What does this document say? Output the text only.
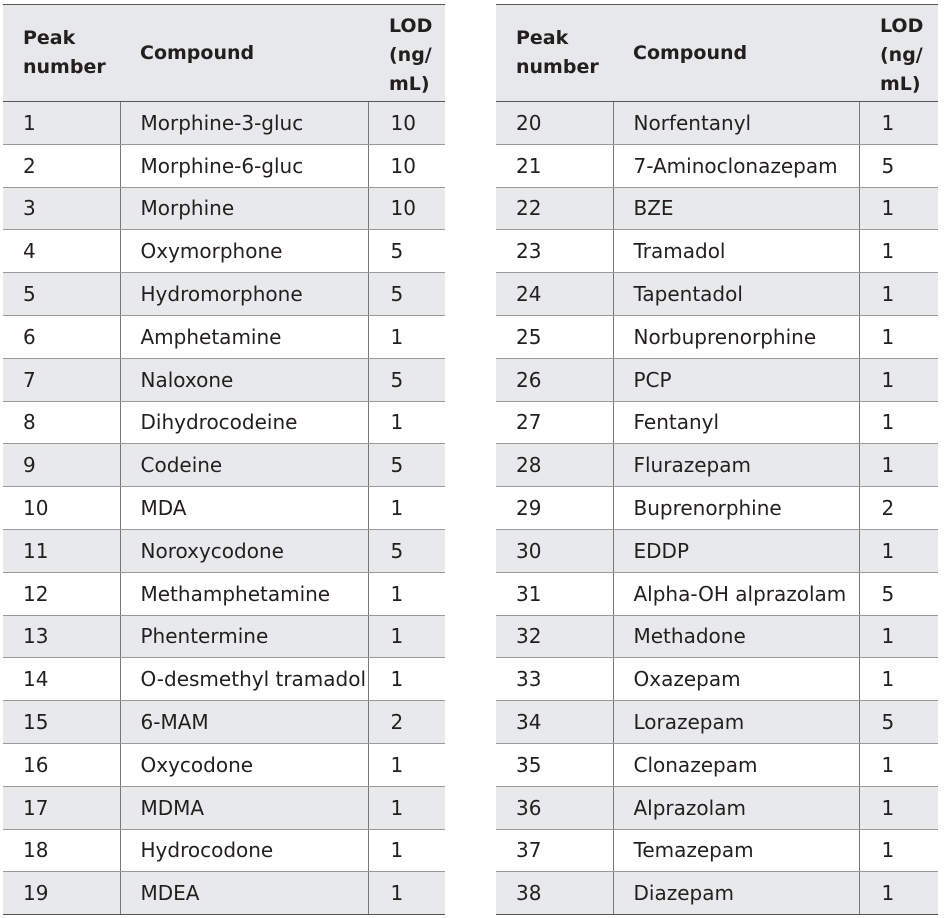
Peak number	Compound	LOD (ng/ mL)
1	Morphine-3-gluc	10
2	Morphine-6-gluc	10
3	Morphine	10
4	Oxymorphone	5
5	Hydromorphone	5
6	Amphetamine	1
7	Naloxone	5
8	Dihydrocodeine	1
9	Codeine	5
10	MDA	1
11	Noroxycodone	5
12	Methamphetamine	1
13	Phentermine	1
14	O-desmethyl tramadol	1
15	6-MAM	2
16	Oxycodone	1
17	MDMA	1
18	Hydrocodone	1
19	MDEA	1
Peak number	Compound	LOD (ng/ mL)
20	Norfentanyl	1
21	7-Aminoclonazepam	5
22	BZE	1
23	Tramadol	1
24	Tapentadol	1
25	Norbuprenorphine	1
26	PCP	1
27	Fentanyl	1
28	Flurazepam	1
29	Buprenorphine	2
30	EDDP	1
31	Alpha-OH alprazolam	5
32	Methadone	1
33	Oxazepam	1
34	Lorazepam	5
35	Clonazepam	1
36	Alprazolam	1
37	Temazepam	1
38	Diazepam	1
